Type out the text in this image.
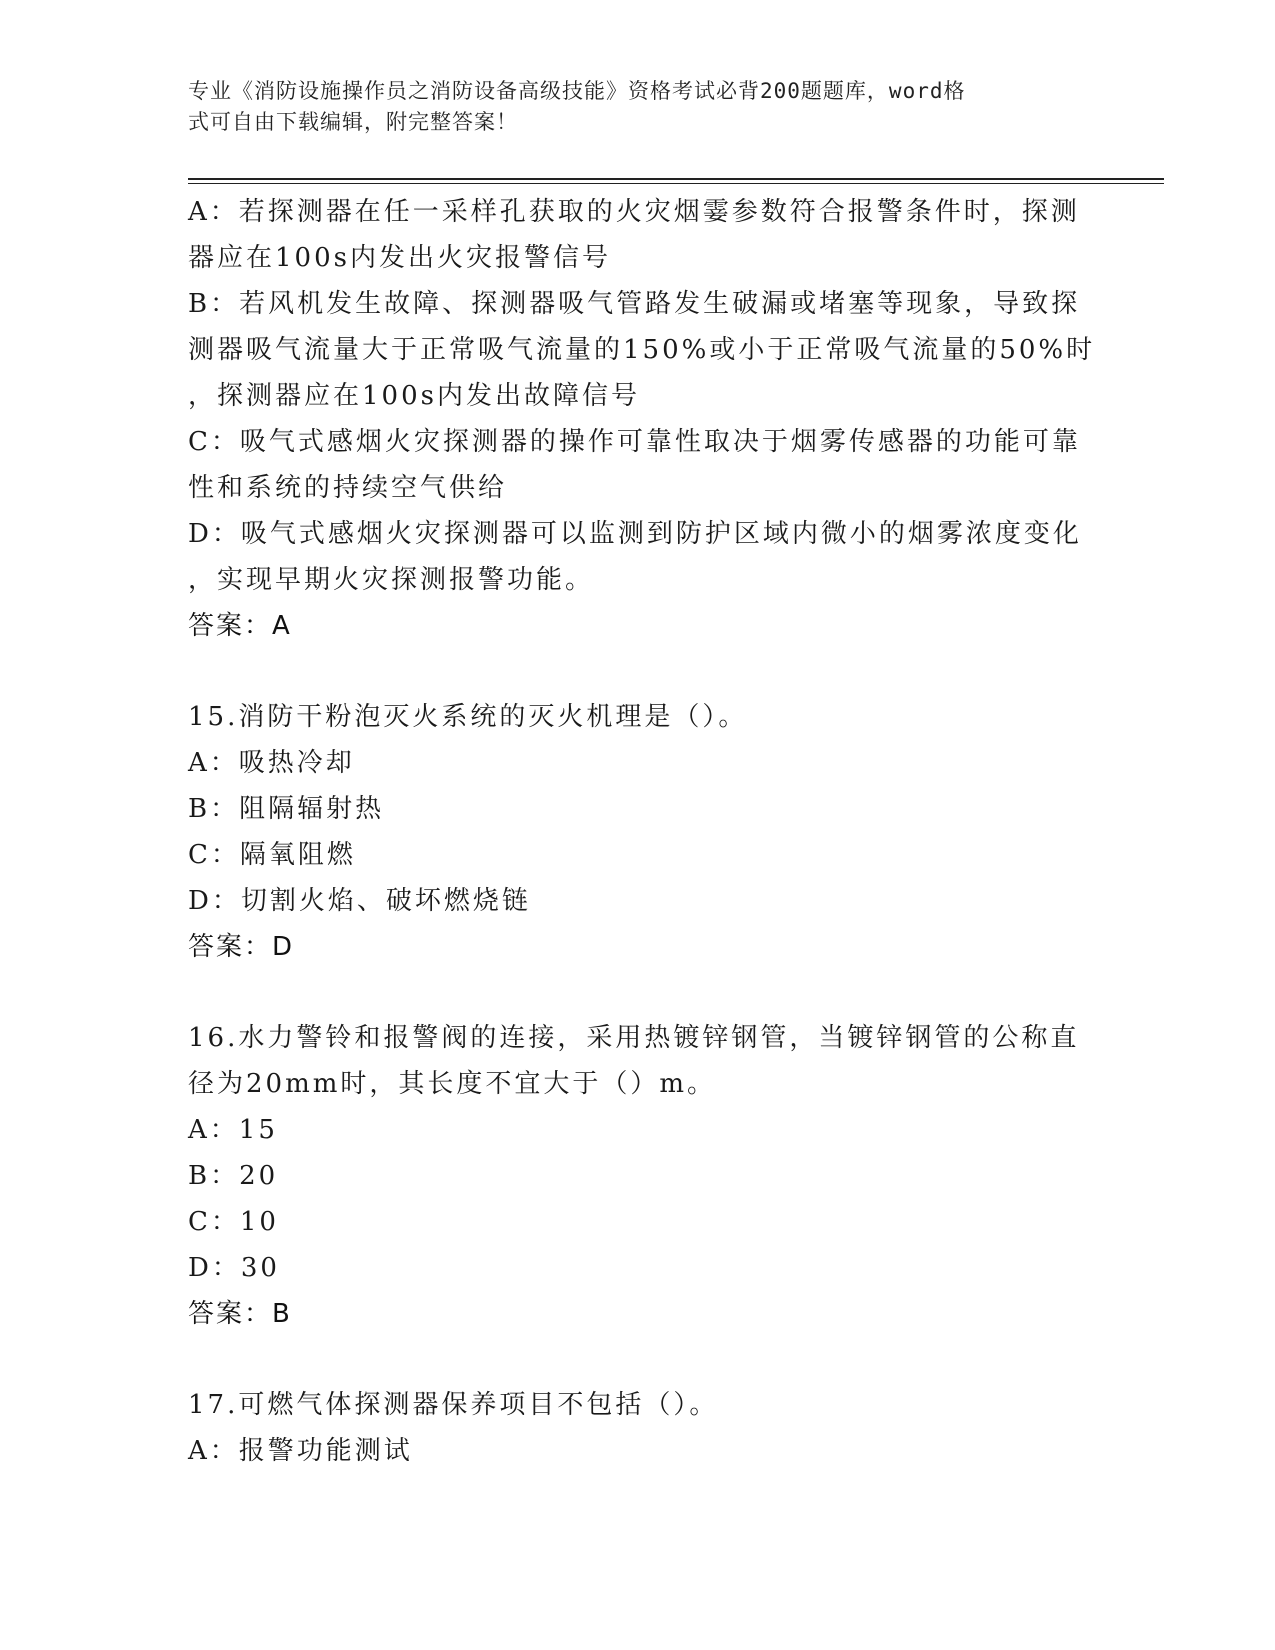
专业《消防设施操作员之消防设备高级技能》资格考试必背200题题库，word格
式可自由下载编辑，附完整答案！
A：若探测器在任一采样孔获取的火灾烟霎参数符合报警条件时，探测
器应在100s内发出火灾报警信号
B：若风机发生故障、探测器吸气管路发生破漏或堵塞等现象，导致探
测器吸气流量大于正常吸气流量的150%或小于正常吸气流量的50%时
，探测器应在100s内发出故障信号
C：吸气式感烟火灾探测器的操作可靠性取决于烟雾传感器的功能可靠
性和系统的持续空气供给
D：吸气式感烟火灾探测器可以监测到防护区域内微小的烟雾浓度变化
，实现早期火灾探测报警功能。
答案：A
15.消防干粉泡灭火系统的灭火机理是（）。
A：吸热冷却
B：阻隔辐射热
C：隔氧阻燃
D：切割火焰、破坏燃烧链
答案：D
16.水力警铃和报警阀的连接，采用热镀锌钢管，当镀锌钢管的公称直
径为20mm时，其长度不宜大于（）m。
A：15
B：20
C：10
D：30
答案：B
17.可燃气体探测器保养项目不包括（）。
A：报警功能测试
